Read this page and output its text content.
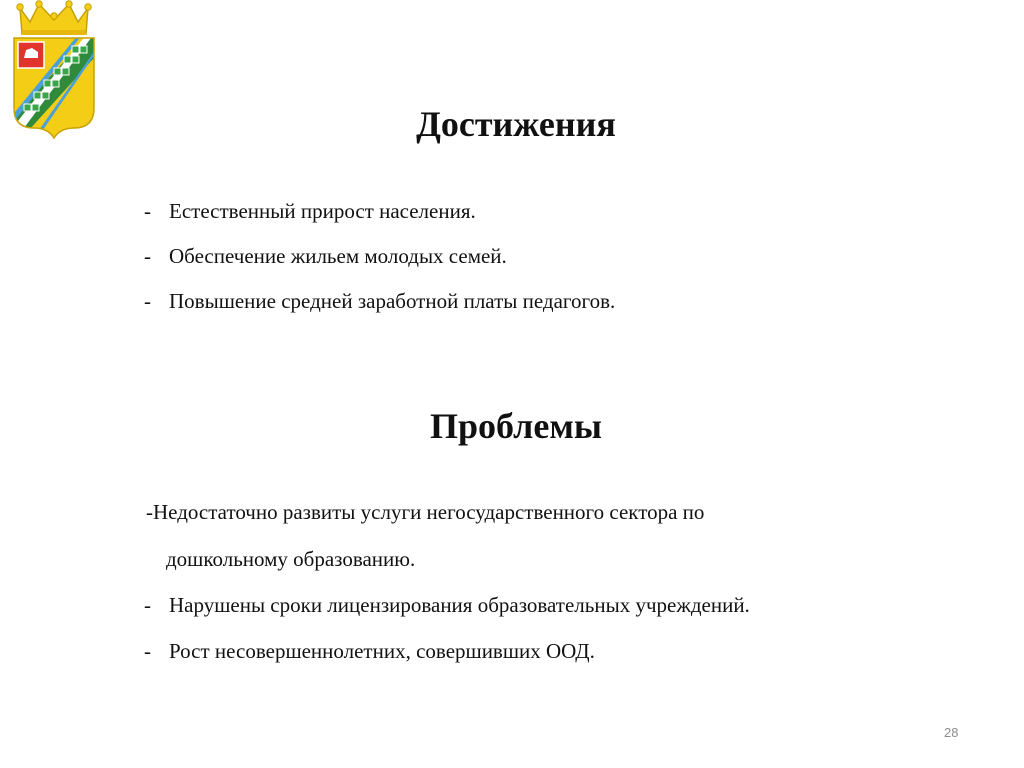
Достижения
- Естественный прирост населения.
- Обеспечение жильем молодых семей.
- Повышение средней заработной платы педагогов.
Проблемы

-Недостаточно развиты услуги негосударственного сектора по

дошкольному образованию.

- Нарушены сроки лицензирования образовательных учреждений.
- Рост несовершеннолетних, совершивших ООД.
28
